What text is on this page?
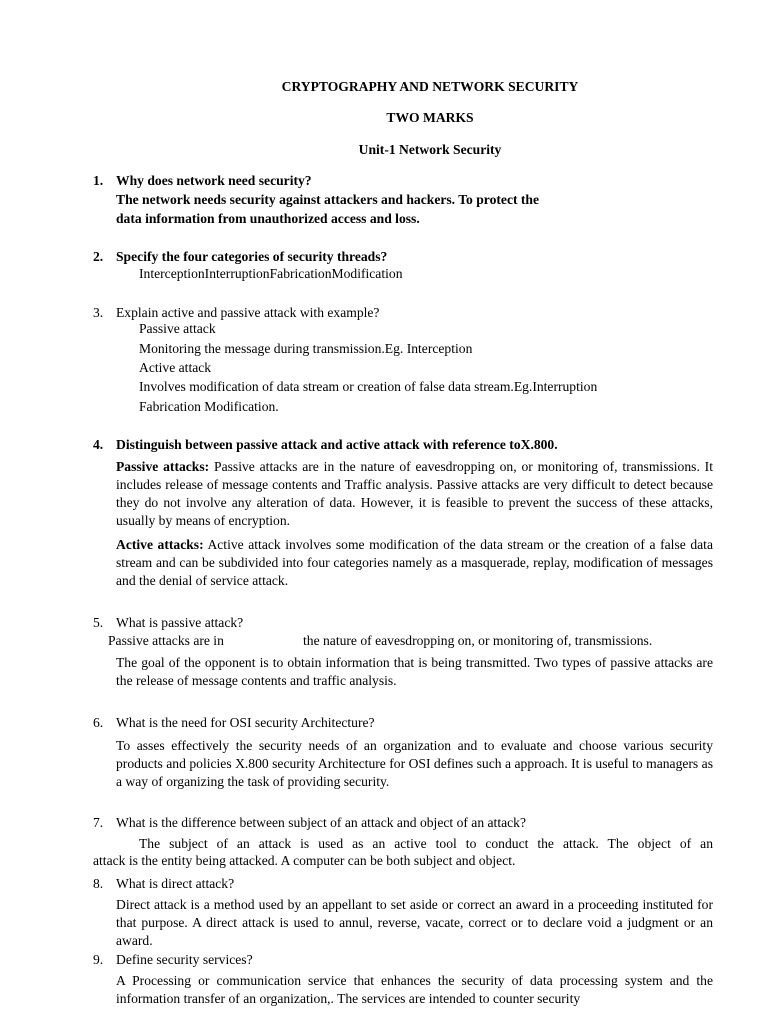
CRYPTOGRAPHY AND NETWORK SECURITY
TWO MARKS
Unit-1 Network Security
1. Why does network need security?
The network needs security against attackers and hackers. To protect the
data information from unauthorized access and loss.
2. Specify the four categories of security threads?
InterceptionInterruptionFabricationModification
3. Explain active and passive attack with example?
Passive attack
Monitoring the message during transmission.Eg. Interception
Active attack
Involves modification of data stream or creation of false data stream.Eg.Interruption
Fabrication Modification.
4. Distinguish between passive attack and active attack with reference toX.800.
Passive attacks: Passive attacks are in the nature of eavesdropping on, or monitoring of, transmissions. It includes release of message contents and Traffic analysis. Passive attacks are very difficult to detect because they do not involve any alteration of data. However, it is feasible to prevent the success of these attacks, usually by means of encryption.
Active attacks: Active attack involves some modification of the data stream or the creation of a false data stream and can be subdivided into four categories namely as a masquerade, replay, modification of messages and the denial of service attack.
5. What is passive attack?
Passive attacks are in	the nature of eavesdropping on, or monitoring of, transmissions.
The goal of the opponent is to obtain information that is being transmitted. Two types of passive attacks are the release of message contents and traffic analysis.
6. What is the need for OSI security Architecture?
To asses effectively the security needs of an organization and to evaluate and choose various security products and policies X.800 security Architecture for OSI defines such a approach. It is useful to managers as a way of organizing the task of providing security.
7. What is the difference between subject of an attack and object of an attack?
The subject of an attack is used as an active tool to conduct the attack. The object of an
attack is the entity being attacked. A computer can be both subject and object.
8. What is direct attack?
Direct attack is a method used by an appellant to set aside or correct an award in a proceeding instituted for that purpose. A direct attack is used to annul, reverse, vacate, correct or to declare void a judgment or an award.
9. Define security services?
A Processing or communication service that enhances the security of data processing system and the information transfer of an organization,. The services are intended to counter security
